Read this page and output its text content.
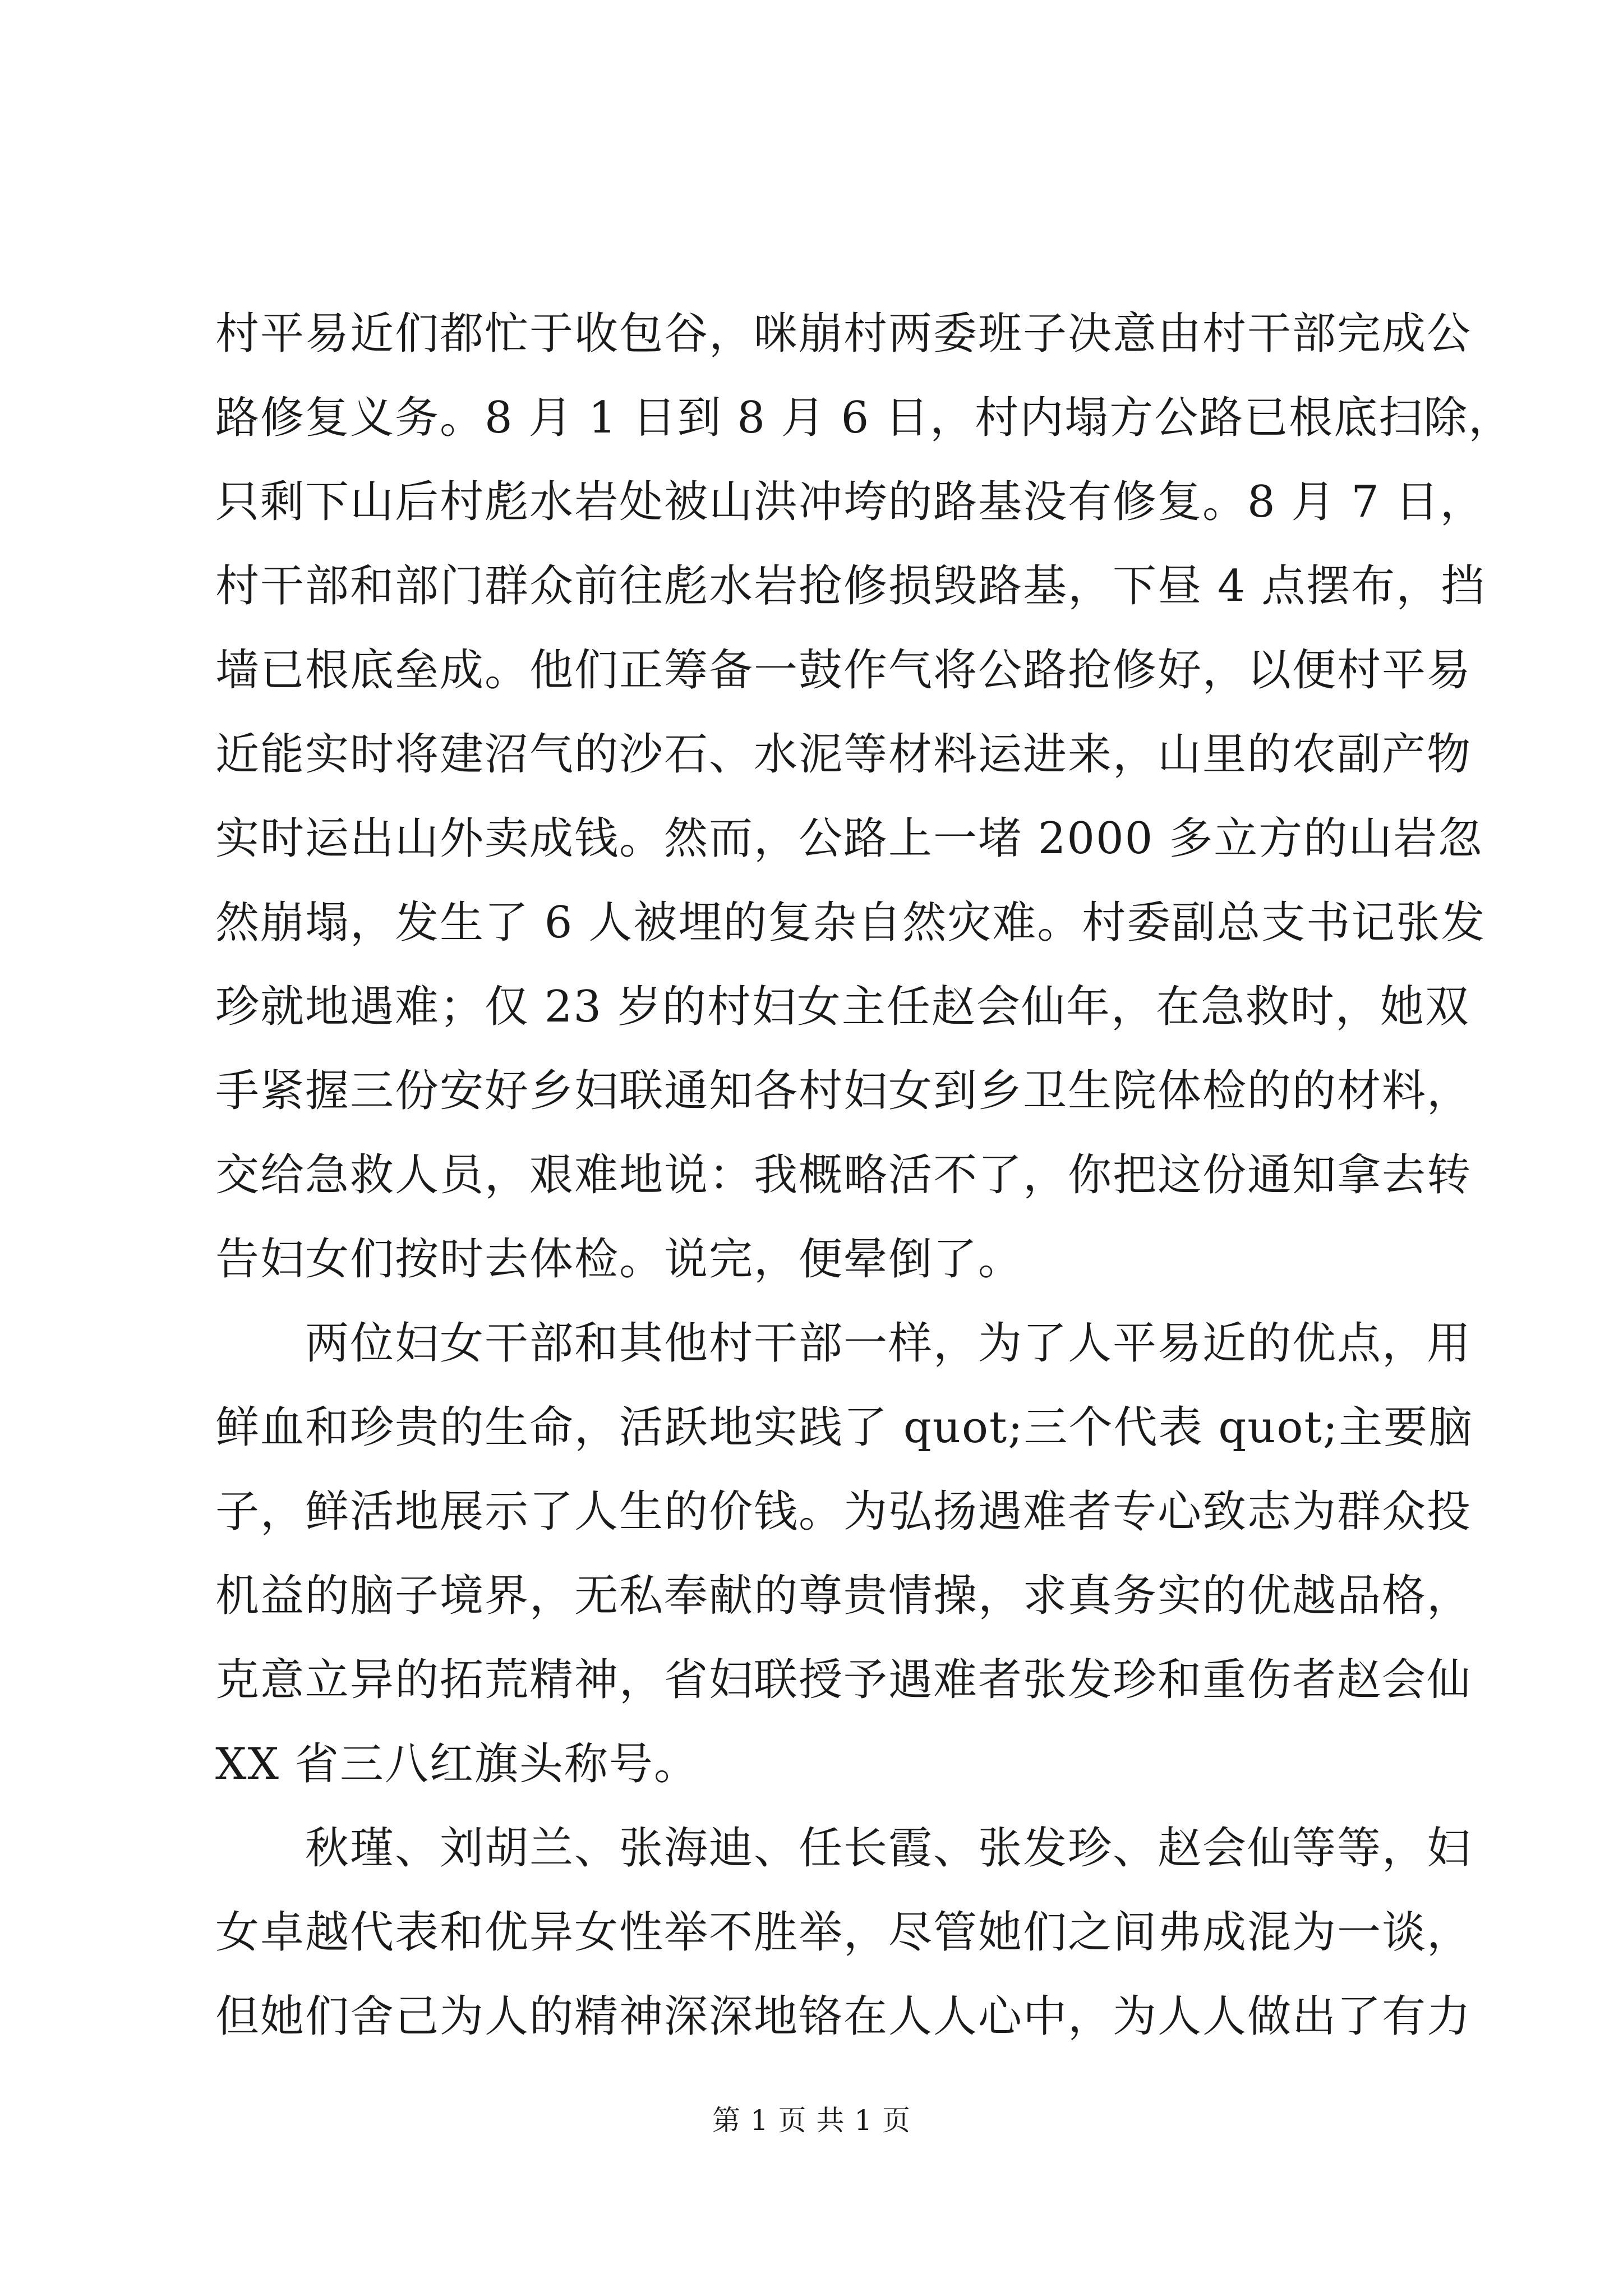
村平易近们都忙于收包谷，咪崩村两委班子决意由村干部完成公
路修复义务。8 月 1 日到 8 月 6 日，村内塌方公路已根底扫除，
只剩下山后村彪水岩处被山洪冲垮的路基没有修复。8 月 7 日，
村干部和部门群众前往彪水岩抢修损毁路基，下昼 4 点摆布，挡
墙已根底垒成。他们正筹备一鼓作气将公路抢修好，以便村平易
近能实时将建沼气的沙石、水泥等材料运进来，山里的农副产物
实时运出山外卖成钱。然而，公路上一堵 2000 多立方的山岩忽
然崩塌，发生了 6 人被埋的复杂自然灾难。村委副总支书记张发
珍就地遇难；仅 23 岁的村妇女主任赵会仙年，在急救时，她双
手紧握三份安好乡妇联通知各村妇女到乡卫生院体检的的材料，
交给急救人员，艰难地说：我概略活不了，你把这份通知拿去转
告妇女们按时去体检。说完，便晕倒了。
两位妇女干部和其他村干部一样，为了人平易近的优点，用
鲜血和珍贵的生命，活跃地实践了 quot;三个代表 quot;主要脑
子，鲜活地展示了人生的价钱。为弘扬遇难者专心致志为群众投
机益的脑子境界，无私奉献的尊贵情操，求真务实的优越品格，
克意立异的拓荒精神，省妇联授予遇难者张发珍和重伤者赵会仙
XX 省三八红旗头称号。
秋瑾、刘胡兰、张海迪、任长霞、张发珍、赵会仙等等，妇
女卓越代表和优异女性举不胜举，尽管她们之间弗成混为一谈，
但她们舍己为人的精神深深地铬在人人心中，为人人做出了有力
第 1 页 共 1 页
